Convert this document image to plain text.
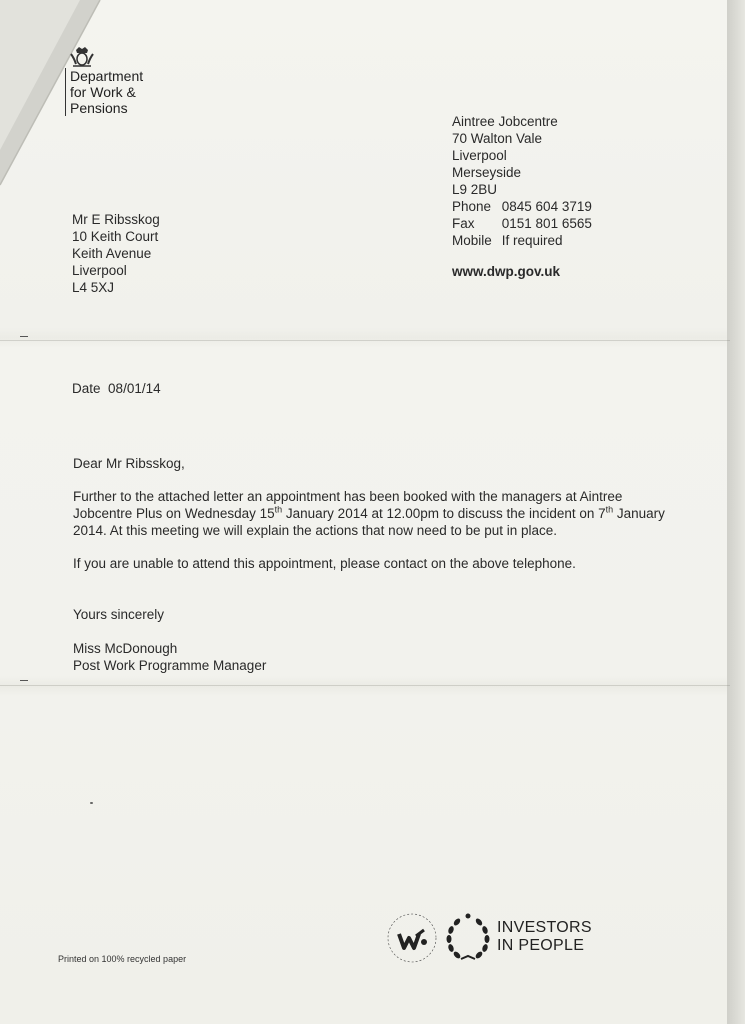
Department
for Work &
Pensions
Aintree Jobcentre
70 Walton Vale
Liverpool
Merseyside
L9 2BU
Phone 0845 604 3719
Fax 0151 801 6565
Mobile If required
www.dwp.gov.uk
Mr E Ribsskog
10 Keith Court
Keith Avenue
Liverpool
L4 5XJ
Date 08/01/14
Dear Mr Ribsskog,
Further to the attached letter an appointment has been booked with the managers at Aintree Jobcentre Plus on Wednesday 15th January 2014 at 12.00pm to discuss the incident on 7th January 2014. At this meeting we will explain the actions that now need to be put in place.
If you are unable to attend this appointment, please contact on the above telephone.
Yours sincerely
Miss McDonough
Post Work Programme Manager
Printed on 100% recycled paper
INVESTORS
IN PEOPLE
